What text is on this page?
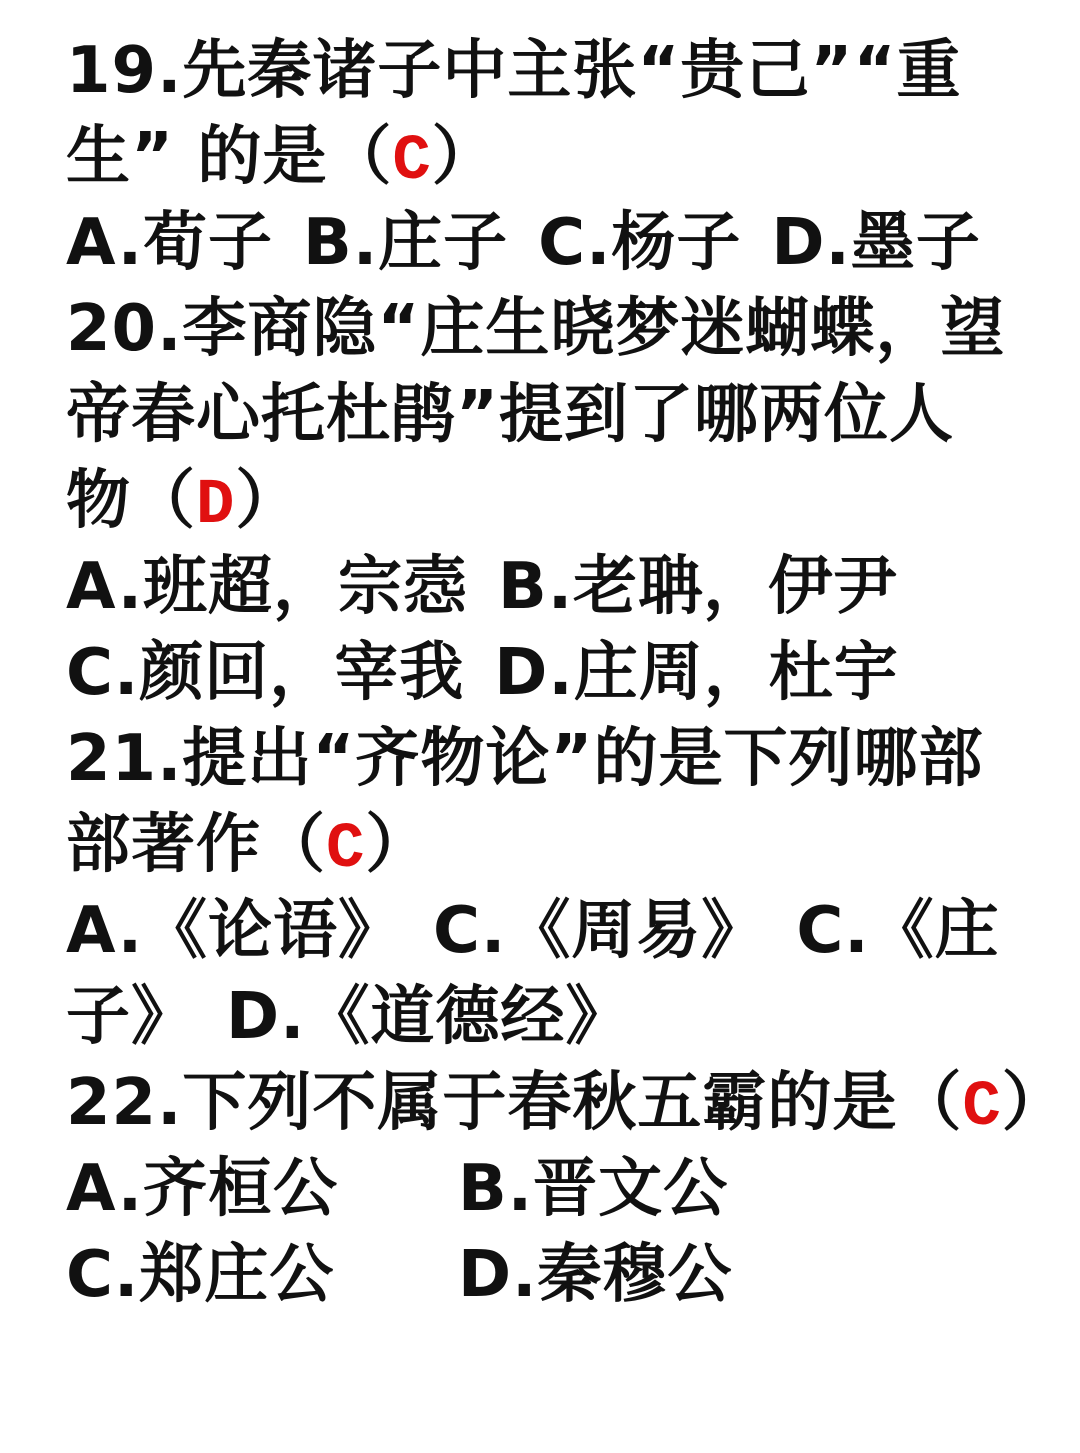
19.先秦诸子中主张“贵己”“重
生” 的是（C）
A.荀子 B.庄子 C.杨子 D.墨子
20.李商隐“庄生晓梦迷蝴蝶，望
帝春心托杜鹃”提到了哪两位人
物（D）
A.班超，宗悫 B.老聃，伊尹
C.颜回，宰我 D.庄周，杜宇
21.提出“齐物论”的是下列哪部
部著作（C）
A.《论语》 C.《周易》 C.《庄
子》 D.《道德经》
22.下列不属于春秋五霸的是（C）
A.齐桓公 B.晋文公
C.郑庄公 D.秦穆公
